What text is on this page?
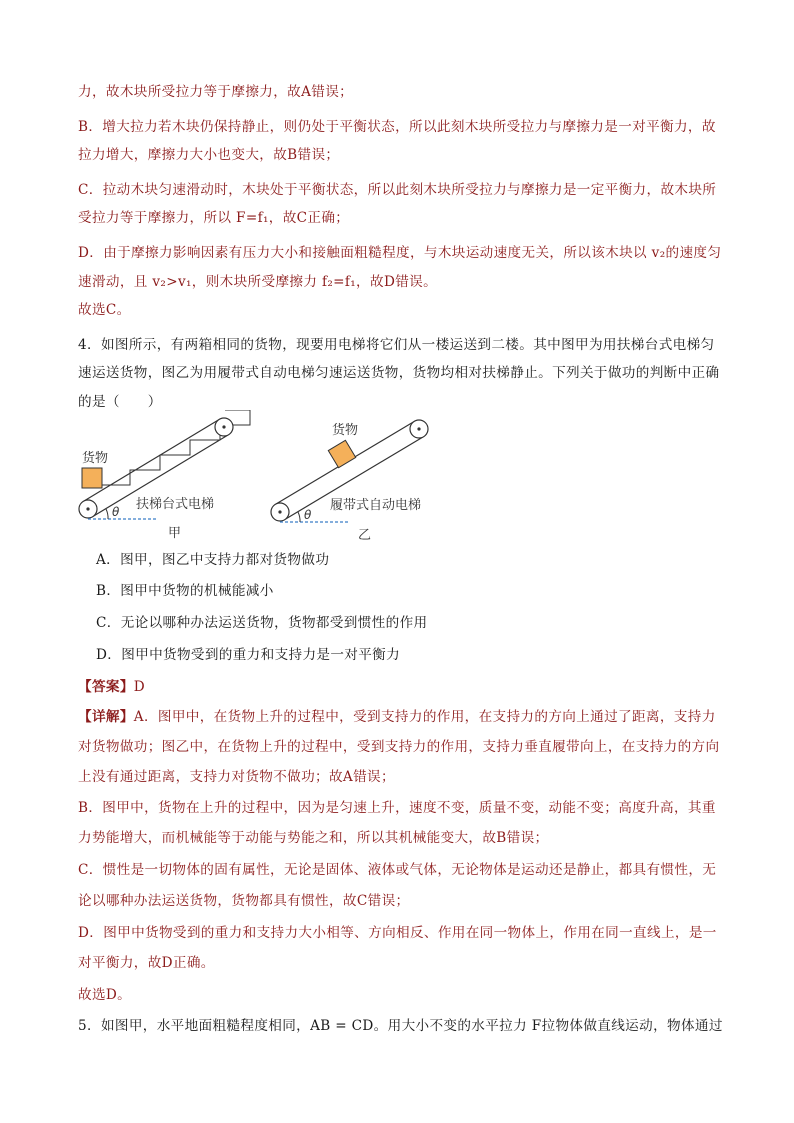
力，故木块所受拉力等于摩擦力，故A错误；
B．增大拉力若木块仍保持静止，则仍处于平衡状态，所以此刻木块所受拉力与摩擦力是一对平衡力，故
拉力增大，摩擦力大小也变大，故B错误；
C．拉动木块匀速滑动时，木块处于平衡状态，所以此刻木块所受拉力与摩擦力是一定平衡力，故木块所
受拉力等于摩擦力，所以 F=f₁，故C正确；
D．由于摩擦力影响因素有压力大小和接触面粗糙程度，与木块运动速度无关，所以该木块以 v₂的速度匀
速滑动，且 v₂>v₁，则木块所受摩擦力 f₂=f₁，故D错误。
故选C。
4．如图所示，有两箱相同的货物，现要用电梯将它们从一楼运送到二楼。其中图甲为用扶梯台式电梯匀
速运送货物，图乙为用履带式自动电梯匀速运送货物，货物均相对扶梯静止。下列关于做功的判断中正确
的是（　　）
θ
货物
扶梯台式电梯
甲
θ
货物
履带式自动电梯
乙
A．图甲，图乙中支持力都对货物做功
B．图甲中货物的机械能减小
C．无论以哪种办法运送货物，货物都受到惯性的作用
D．图甲中货物受到的重力和支持力是一对平衡力
【答案】D
【详解】A．图甲中，在货物上升的过程中，受到支持力的作用，在支持力的方向上通过了距离，支持力
对货物做功；图乙中，在货物上升的过程中，受到支持力的作用，支持力垂直履带向上，在支持力的方向
上没有通过距离，支持力对货物不做功；故A错误；
B．图甲中，货物在上升的过程中，因为是匀速上升，速度不变，质量不变，动能不变；高度升高，其重
力势能增大，而机械能等于动能与势能之和，所以其机械能变大，故B错误；
C．惯性是一切物体的固有属性，无论是固体、液体或气体，无论物体是运动还是静止，都具有惯性，无
论以哪种办法运送货物，货物都具有惯性，故C错误；
D．图甲中货物受到的重力和支持力大小相等、方向相反、作用在同一物体上，作用在同一直线上，是一
对平衡力，故D正确。
故选D。
5．如图甲，水平地面粗糙程度相同，AB = CD。用大小不变的水平拉力 F拉物体做直线运动，物体通过
